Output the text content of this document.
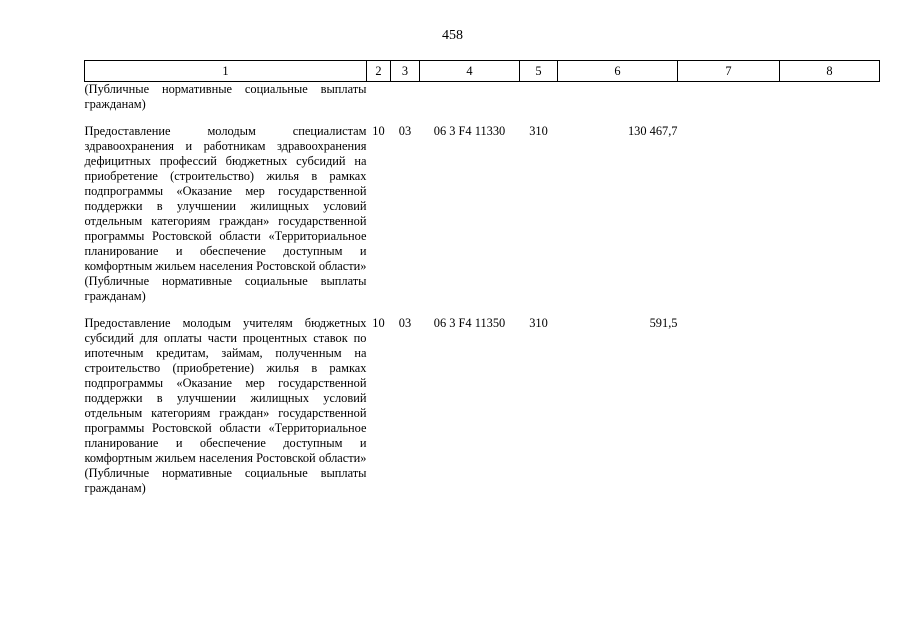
458
1	2	3	4	5	6	7	8
(Публичные нормативные социальные выплаты гражданам)							

Предоставление молодым специалистам здравоохранения и работникам здравоохранения дефицитных профессий бюджетных субсидий на приобретение (строительство) жилья в рамках подпрограммы «Оказание мер государственной поддержки в улучшении жилищных условий отдельным категориям граждан» государственной программы Ростовской области «Территориальное планирование и обеспечение доступным и комфортным жильем населения Ростовской области» (Публичные нормативные социальные выплаты гражданам)	10	03	06 3 F4 11330	310	130 467,7		

Предоставление молодым учителям бюджетных субсидий для оплаты части процентных ставок по ипотечным кредитам, займам, полученным на строительство (приобретение) жилья в рамках подпрограммы «Оказание мер государственной поддержки в улучшении жилищных условий отдельным категориям граждан» государственной программы Ростовской области «Территориальное планирование и обеспечение доступным и комфортным жильем населения Ростовской области» (Публичные нормативные социальные выплаты гражданам)	10	03	06 3 F4 11350	310	591,5		
